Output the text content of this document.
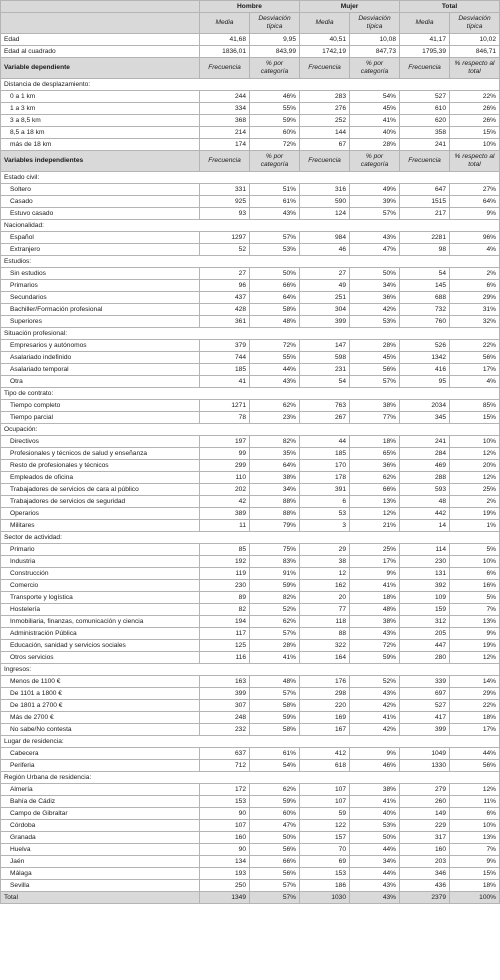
	Hombre		Mujer		Total	
	Media	Desviación típica	Media	Desviación típica	Media	Desviación típica
Edad	41,68	9,95	40,51	10,08	41,17	10,02
Edad al cuadrado	1836,01	843,99	1742,19	847,73	1795,39	846,71
Variable dependiente	Frecuencia	% por categoría	Frecuencia	% por categoría	Frecuencia	% respecto al total
Distancia de desplazamiento:						
0 a 1 km	244	46%	283	54%	527	22%
1 a 3 km	334	55%	276	45%	610	26%
3 a 8,5 km	368	59%	252	41%	620	26%
8,5 a 18 km	214	60%	144	40%	358	15%
más de 18 km	174	72%	67	28%	241	10%
Variables independientes	Frecuencia	% por categoría	Frecuencia	% por categoría	Frecuencia	% respecto al total
Estado civil:						
Soltero	331	51%	316	49%	647	27%
Casado	925	61%	590	39%	1515	64%
Estuvo casado	93	43%	124	57%	217	9%
Nacionalidad:						
Español	1297	57%	984	43%	2281	96%
Extranjero	52	53%	46	47%	98	4%
Estudios:						
Sin estudios	27	50%	27	50%	54	2%
Primarios	96	66%	49	34%	145	6%
Secundarios	437	64%	251	36%	688	29%
Bachiller/Formación profesional	428	58%	304	42%	732	31%
Superiores	361	48%	399	53%	760	32%
Situación profesional:						
Empresarios y autónomos	379	72%	147	28%	526	22%
Asalariado indefinido	744	55%	598	45%	1342	56%
Asalariado temporal	185	44%	231	56%	416	17%
Otra	41	43%	54	57%	95	4%
Tipo de contrato:						
Tiempo completo	1271	62%	763	38%	2034	85%
Tiempo parcial	78	23%	267	77%	345	15%
Ocupación:						
Directivos	197	82%	44	18%	241	10%
Profesionales y técnicos de salud y enseñanza	99	35%	185	65%	284	12%
Resto de profesionales y técnicos	299	64%	170	36%	469	20%
Empleados de oficina	110	38%	178	62%	288	12%
Trabajadores de servicios de cara al público	202	34%	391	66%	593	25%
Trabajadores de servicios de seguridad	42	88%	6	13%	48	2%
Operarios	389	88%	53	12%	442	19%
Militares	11	79%	3	21%	14	1%
Sector de actividad:						
Primario	85	75%	29	25%	114	5%
Industria	192	83%	38	17%	230	10%
Construcción	119	91%	12	9%	131	6%
Comercio	230	59%	162	41%	392	16%
Transporte y logística	89	82%	20	18%	109	5%
Hostelería	82	52%	77	48%	159	7%
Inmobiliaria, finanzas, comunicación y ciencia	194	62%	118	38%	312	13%
Administración Pública	117	57%	88	43%	205	9%
Educación, sanidad y servicios sociales	125	28%	322	72%	447	19%
Otros servicios	116	41%	164	59%	280	12%
Ingresos:						
Menos de 1100 €	163	48%	176	52%	339	14%
De 1101 a 1800 €	399	57%	298	43%	697	29%
De 1801 a 2700 €	307	58%	220	42%	527	22%
Más de 2700 €	248	59%	169	41%	417	18%
No sabe/No contesta	232	58%	167	42%	399	17%
Lugar de residencia:						
Cabecera	637	61%	412	9%	1049	44%
Periferia	712	54%	618	46%	1330	56%
Región Urbana de residencia:						
Almería	172	62%	107	38%	279	12%
Bahía de Cádiz	153	59%	107	41%	260	11%
Campo de Gibraltar	90	60%	59	40%	149	6%
Córdoba	107	47%	122	53%	229	10%
Granada	160	50%	157	50%	317	13%
Huelva	90	56%	70	44%	160	7%
Jaén	134	66%	69	34%	203	9%
Málaga	193	56%	153	44%	346	15%
Sevilla	250	57%	186	43%	436	18%
Total	1349	57%	1030	43%	2379	100%
